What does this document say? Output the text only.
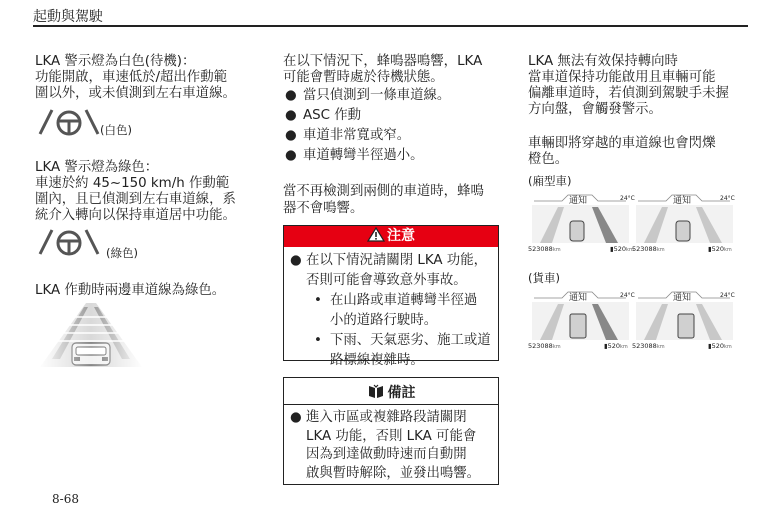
起動與駕駛
LKA 警示燈為白色(待機)：
功能開啟，車速低於/超出作動範
圍以外，或未偵測到左右車道線。
(白色)
LKA 警示燈為綠色：
車速於約 45~150 km/h 作動範
圍內，且已偵測到左右車道線，系
統介入轉向以保持車道居中功能。
(綠色)
LKA 作動時兩邊車道線為綠色。
在以下情況下，蜂鳴器鳴響，LKA
可能會暫時處於待機狀態。
● 當只偵測到一條車道線。
● ASC 作動
● 車道非常寬或窄。
● 車道轉彎半徑過小。
當不再檢測到兩側的車道時，蜂鳴
器不會鳴響。
注意
● 在以下情況請關閉 LKA 功能，
否則可能會導致意外事故。
• 在山路或車道轉彎半徑過
小的道路行駛時。
• 下雨、天氣惡劣、施工或道
路標線複雜時。
備註
● 進入市區或複雜路段請關閉
LKA 功能，否則 LKA 可能會
因為到達做動時速而自動開
啟與暫時解除，並發出鳴響。
LKA 無法有效保持轉向時
當車道保持功能啟用且車輛可能
偏離車道時，若偵測到駕駛手未握
方向盤，會觸發警示。
車輛即將穿越的車道線也會閃爍
橙色。
(廂型車)
(貨車)
通知	24°C
523088km	▮520km
通知	24°C
523088km	▮520km
通知	24°C
523088km	▮520km
通知	24°C
523088km	▮520km
8-68
